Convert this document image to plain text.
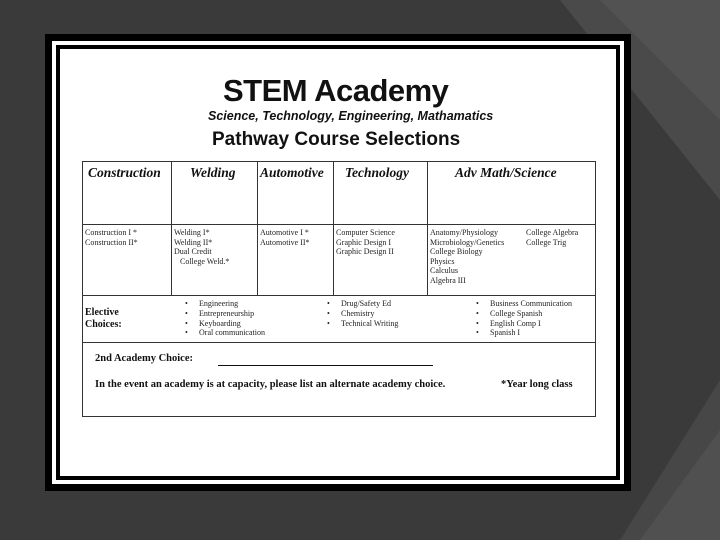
STEM Academy
Science, Technology, Engineering, Mathamatics
Pathway Course Selections
Construction Welding Automotive Technology	Adv Math/Science
Construction I *
Construction II*
Welding I*
Welding II*
Dual Credit
College Weld.*
Automotive I *
Automotive II*
Computer Science
Graphic Design I
Graphic Design II
Anatomy/Physiology
Microbiology/Genetics
College Biology
Physics
Calculus
Algebra III
College Algebra
College Trig
Elective
Choices:
• Engineering
• Entrepreneurship
• Keyboarding
• Oral communication
• Drug/Safety Ed
• Chemistry
• Technical Writing
• Business Communication
• College Spanish
• English Comp I
• Spanish I
2nd Academy Choice:
In the event an academy is at capacity, please list an alternate academy choice.	*Year long class
